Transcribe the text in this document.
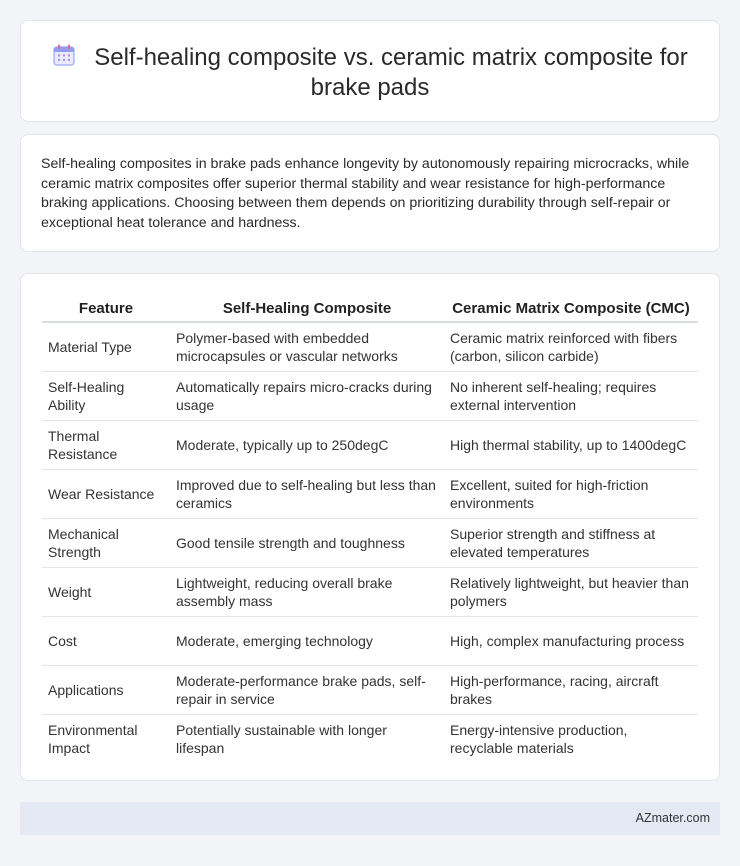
Self-healing composite vs. ceramic matrix composite for brake pads

Self-healing composites in brake pads enhance longevity by autonomously repairing microcracks, while ceramic matrix composites offer superior thermal stability and wear resistance for high-performance braking applications. Choosing between them depends on prioritizing durability through self-repair or exceptional heat tolerance and hardness.

Feature	Self-Healing Composite	Ceramic Matrix Composite (CMC)
Material Type	Polymer-based with embedded microcapsules or vascular networks	Ceramic matrix reinforced with fibers (carbon, silicon carbide)
Self-Healing Ability	Automatically repairs micro-cracks during usage	No inherent self-healing; requires external intervention
Thermal Resistance	Moderate, typically up to 250degC	High thermal stability, up to 1400degC
Wear Resistance	Improved due to self-healing but less than ceramics	Excellent, suited for high-friction environments
Mechanical Strength	Good tensile strength and toughness	Superior strength and stiffness at elevated temperatures
Weight	Lightweight, reducing overall brake assembly mass	Relatively lightweight, but heavier than polymers
Cost	Moderate, emerging technology	High, complex manufacturing process
Applications	Moderate-performance brake pads, self-repair in service	High-performance, racing, aircraft brakes
Environmental Impact	Potentially sustainable with longer lifespan	Energy-intensive production, recyclable materials
AZmater.com
